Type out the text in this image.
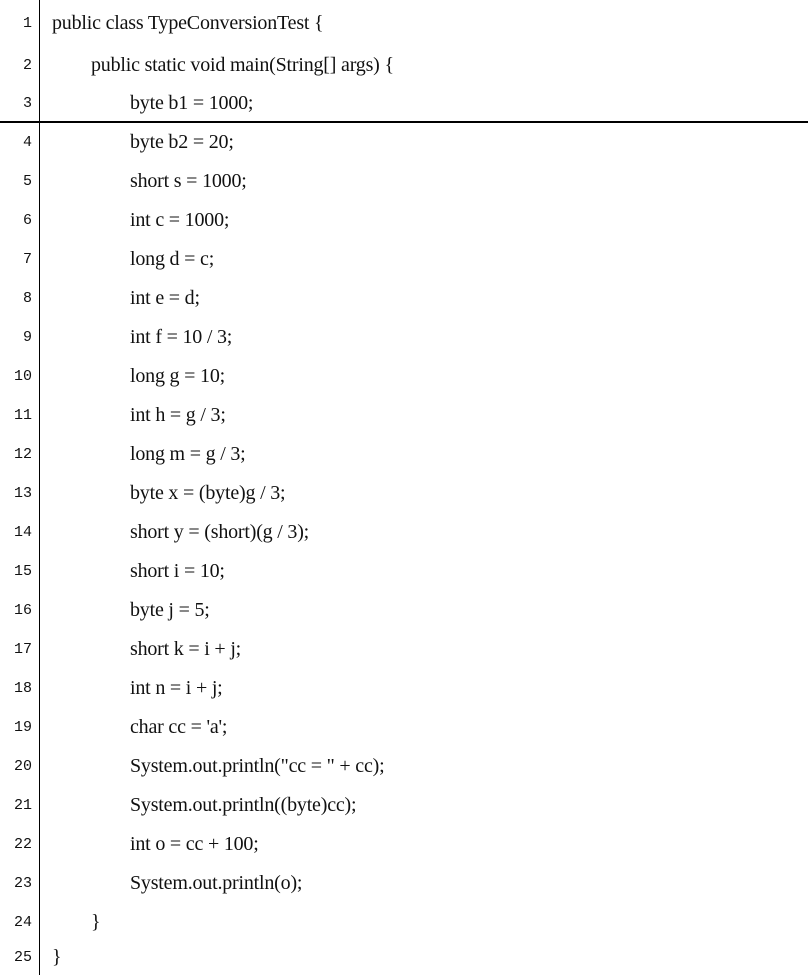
1 public class TypeConversionTest {
2	public static void main(String[] args) {
3	byte b1 = 1000;
4	byte b2 = 20;
5	short s = 1000;
6	int c = 1000;
7	long d = c;
8	int e = d;
9	int f = 10 / 3;
10	long g = 10;
11	int h = g / 3;
12	long m = g / 3;
13	byte x = (byte)g / 3;
14	short y = (short)(g / 3);
15	short i = 10;
16	byte j = 5;
17	short k = i + j;
18	int n = i + j;
19	char cc = 'a';
20	System.out.println("cc = " + cc);
21	System.out.println((byte)cc);
22	int o = cc + 100;
23	System.out.println(o);
24	}
25 }
